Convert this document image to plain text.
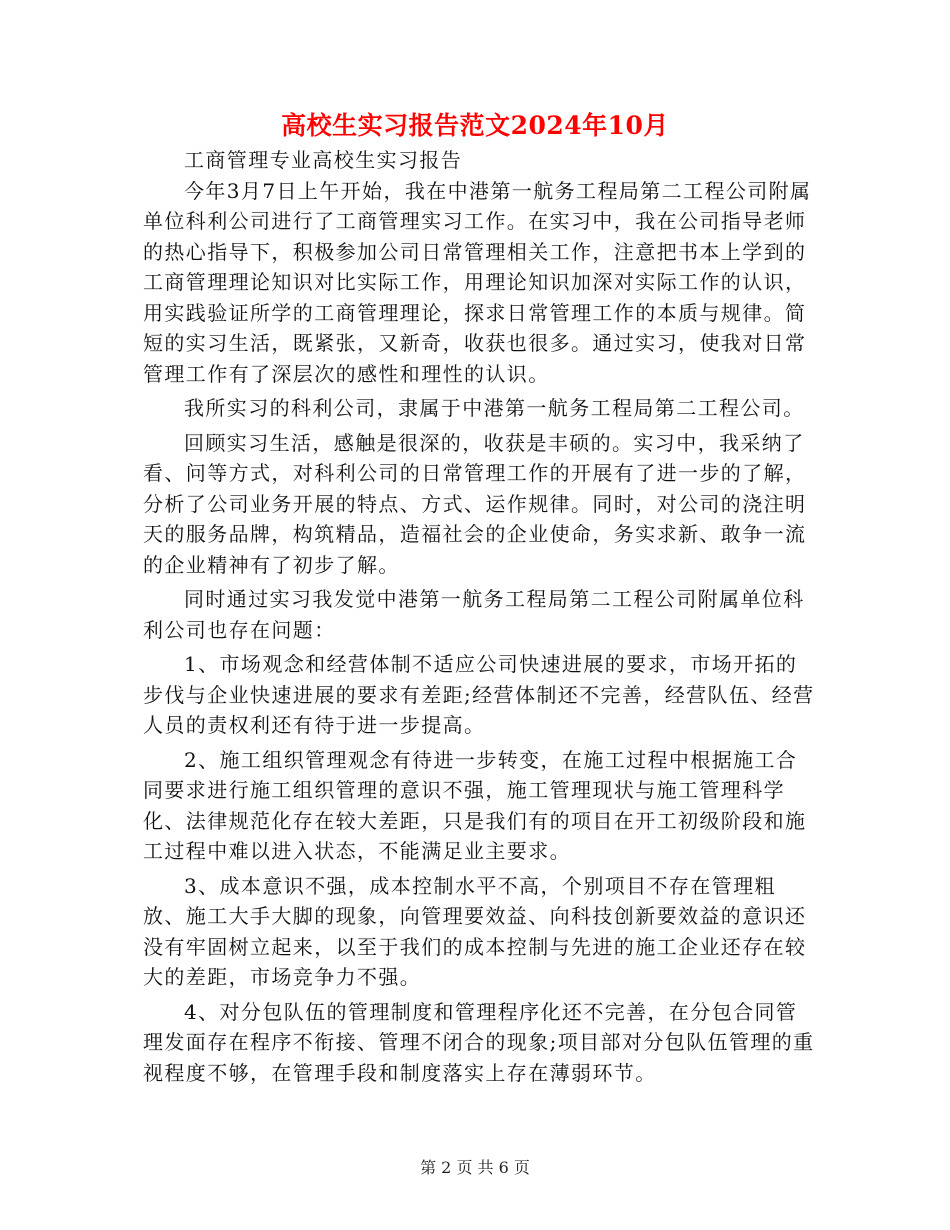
高校生实习报告范文2024年10月

工商管理专业高校生实习报告

今年3月7日上午开始，我在中港第一航务工程局第二工程公司附属单位科利公司进行了工商管理实习工作。在实习中，我在公司指导老师的热心指导下，积极参加公司日常管理相关工作，注意把书本上学到的工商管理理论知识对比实际工作，用理论知识加深对实际工作的认识，用实践验证所学的工商管理理论，探求日常管理工作的本质与规律。简短的实习生活，既紧张，又新奇，收获也很多。通过实习，使我对日常管理工作有了深层次的感性和理性的认识。

我所实习的科利公司，隶属于中港第一航务工程局第二工程公司。

回顾实习生活，感触是很深的，收获是丰硕的。实习中，我采纳了看、问等方式，对科利公司的日常管理工作的开展有了进一步的了解，分析了公司业务开展的特点、方式、运作规律。同时，对公司的浇注明天的服务品牌，构筑精品，造福社会的企业使命，务实求新、敢争一流的企业精神有了初步了解。

同时通过实习我发觉中港第一航务工程局第二工程公司附属单位科利公司也存在问题：

1、市场观念和经营体制不适应公司快速进展的要求，市场开拓的步伐与企业快速进展的要求有差距;经营体制还不完善，经营队伍、经营人员的责权利还有待于进一步提高。

2、施工组织管理观念有待进一步转变，在施工过程中根据施工合同要求进行施工组织管理的意识不强，施工管理现状与施工管理科学化、法律规范化存在较大差距，只是我们有的项目在开工初级阶段和施工过程中难以进入状态，不能满足业主要求。

3、成本意识不强，成本控制水平不高，个别项目不存在管理粗放、施工大手大脚的现象，向管理要效益、向科技创新要效益的意识还没有牢固树立起来，以至于我们的成本控制与先进的施工企业还存在较大的差距，市场竞争力不强。

4、对分包队伍的管理制度和管理程序化还不完善，在分包合同管理发面存在程序不衔接、管理不闭合的现象;项目部对分包队伍管理的重视程度不够，在管理手段和制度落实上存在薄弱环节。

第 2 页 共 6 页
